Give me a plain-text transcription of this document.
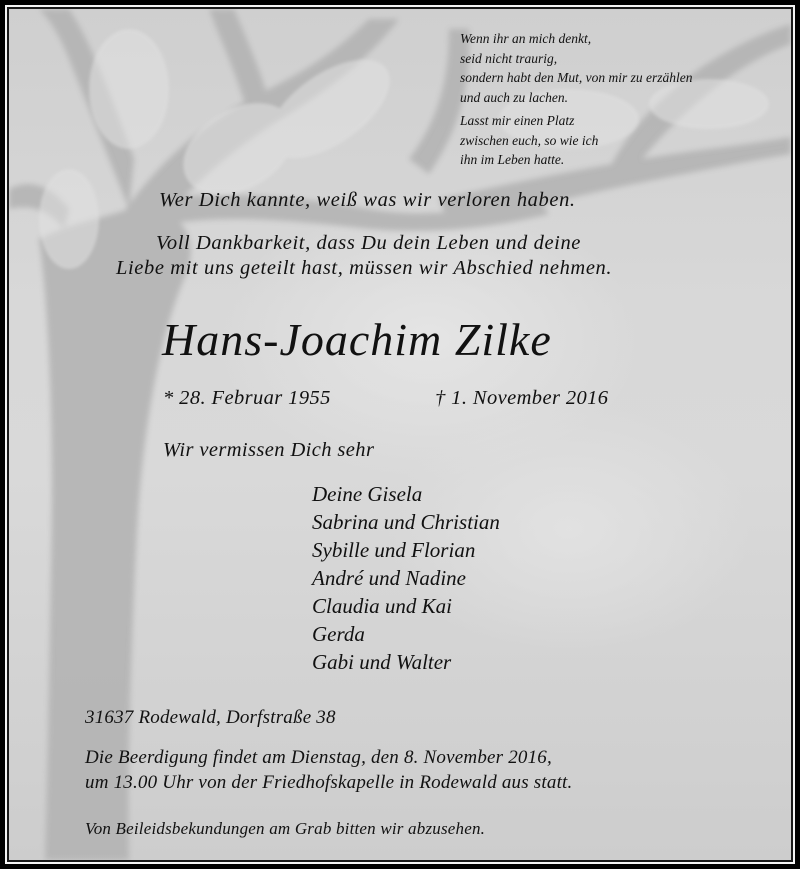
Wenn ihr an mich denkt,
seid nicht traurig,
sondern habt den Mut, von mir zu erzählen
und auch zu lachen.
Lasst mir einen Platz
zwischen euch, so wie ich
ihn im Leben hatte.

Wer Dich kannte, weiß was wir verloren haben.

Voll Dankbarkeit, dass Du dein Leben und deine

Liebe mit uns geteilt hast, müssen wir Abschied nehmen.

Hans-Joachim Zilke

* 28. Februar 1955	† 1. November 2016

Wir vermissen Dich sehr

Deine Gisela
Sabrina und Christian
Sybille und Florian
André und Nadine
Claudia und Kai
Gerda
Gabi und Walter

31637 Rodewald, Dorfstraße 38

Die Beerdigung findet am Dienstag, den 8. November 2016,

um 13.00 Uhr von der Friedhofskapelle in Rodewald aus statt.

Von Beileidsbekundungen am Grab bitten wir abzusehen.
